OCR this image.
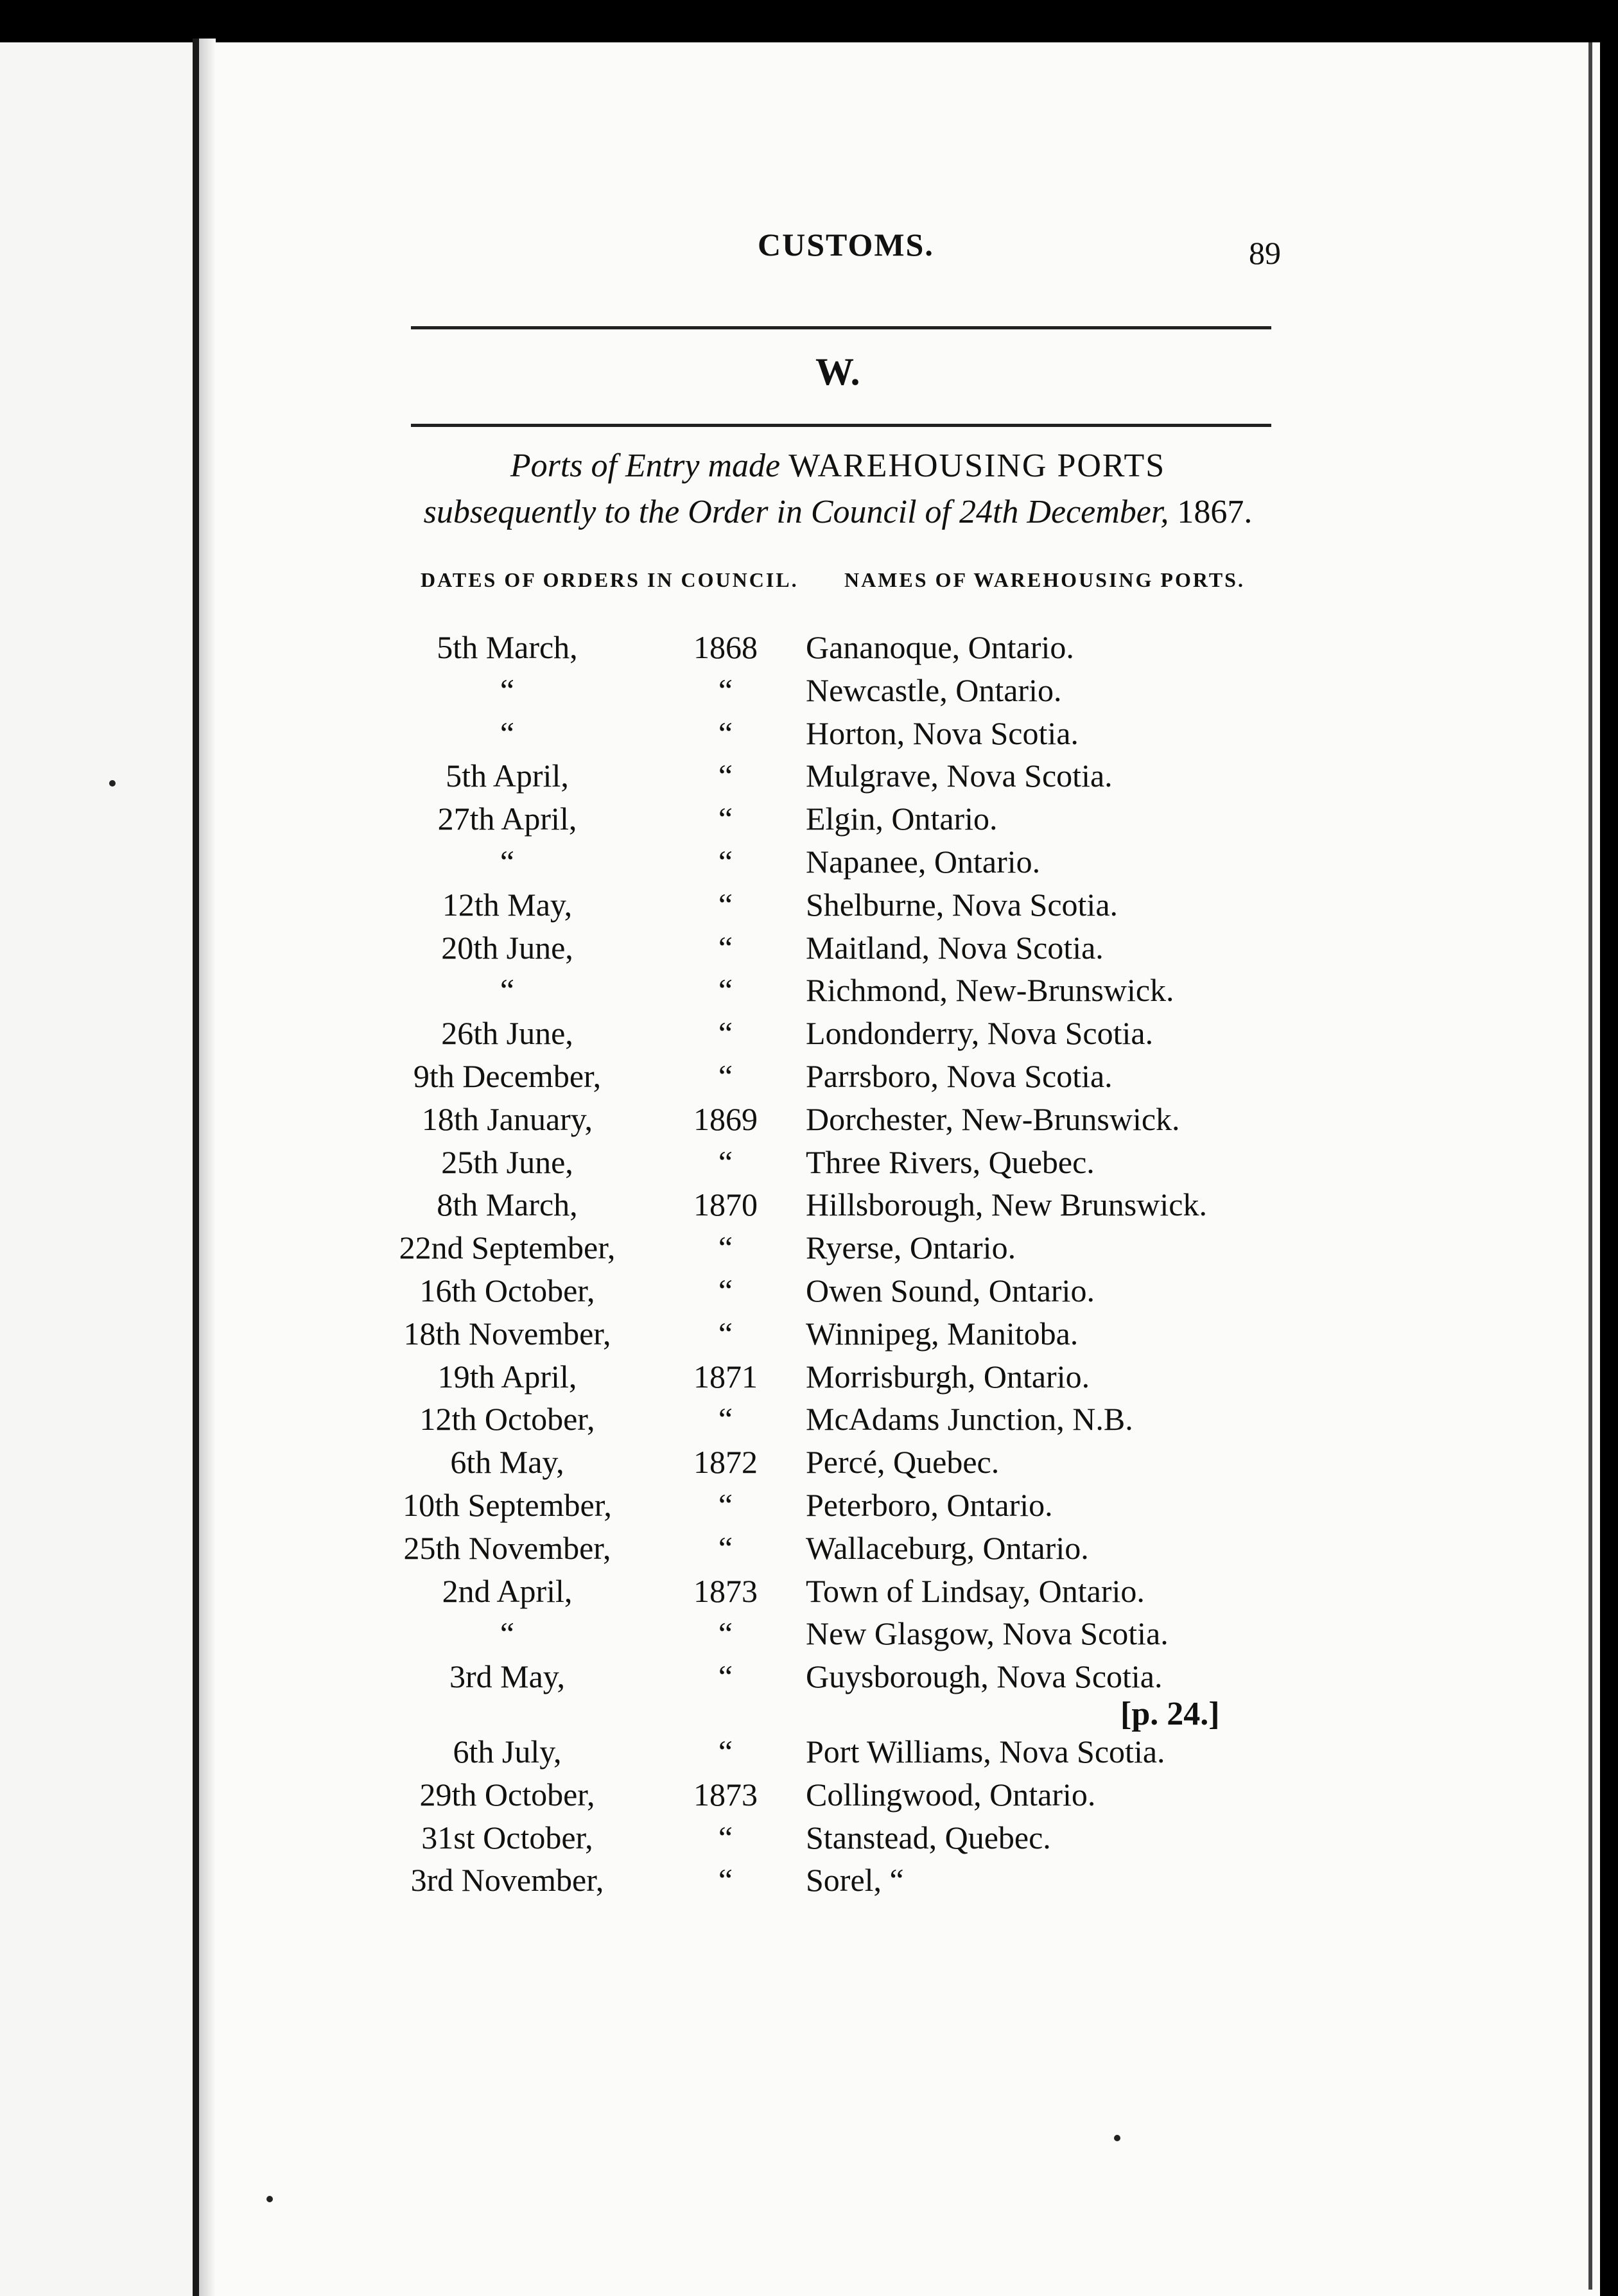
CUSTOMS.	89
W.
Ports of Entry made WAREHOUSING PORTS
subsequently to the Order in Council of 24th December, 1867.
DATES OF ORDERS IN COUNCIL. NAMES OF WAREHOUSING PORTS.
5th March,	1868	Gananoque, Ontario.
“	“	Newcastle, Ontario.
“	“	Horton, Nova Scotia.
5th April,	“	Mulgrave, Nova Scotia.
27th April,	“	Elgin, Ontario.
“	“	Napanee, Ontario.
12th May,	“	Shelburne, Nova Scotia.
20th June,	“	Maitland, Nova Scotia.
“	“	Richmond, New-Brunswick.
26th June,	“	Londonderry, Nova Scotia.
9th December,	“	Parrsboro, Nova Scotia.
18th January,	1869	Dorchester, New-Brunswick.
25th June,	“	Three Rivers, Quebec.
8th March,	1870	Hillsborough, New Brunswick.
22nd September,	“	Ryerse, Ontario.
16th October,	“	Owen Sound, Ontario.
18th November,	“	Winnipeg, Manitoba.
19th April,	1871	Morrisburgh, Ontario.
12th October,	“	McAdams Junction, N.B.
6th May,	1872	Percé, Quebec.
10th September,	“	Peterboro, Ontario.
25th November,	“	Wallaceburg, Ontario.
2nd April,	1873	Town of Lindsay, Ontario.
“	“	New Glasgow, Nova Scotia.
3rd May,	“	Guysborough, Nova Scotia.
[p. 24.]
6th July,	“	Port Williams, Nova Scotia.
29th October,	1873	Collingwood, Ontario.
31st October,	“	Stanstead, Quebec.
3rd November,	“	Sorel, “
